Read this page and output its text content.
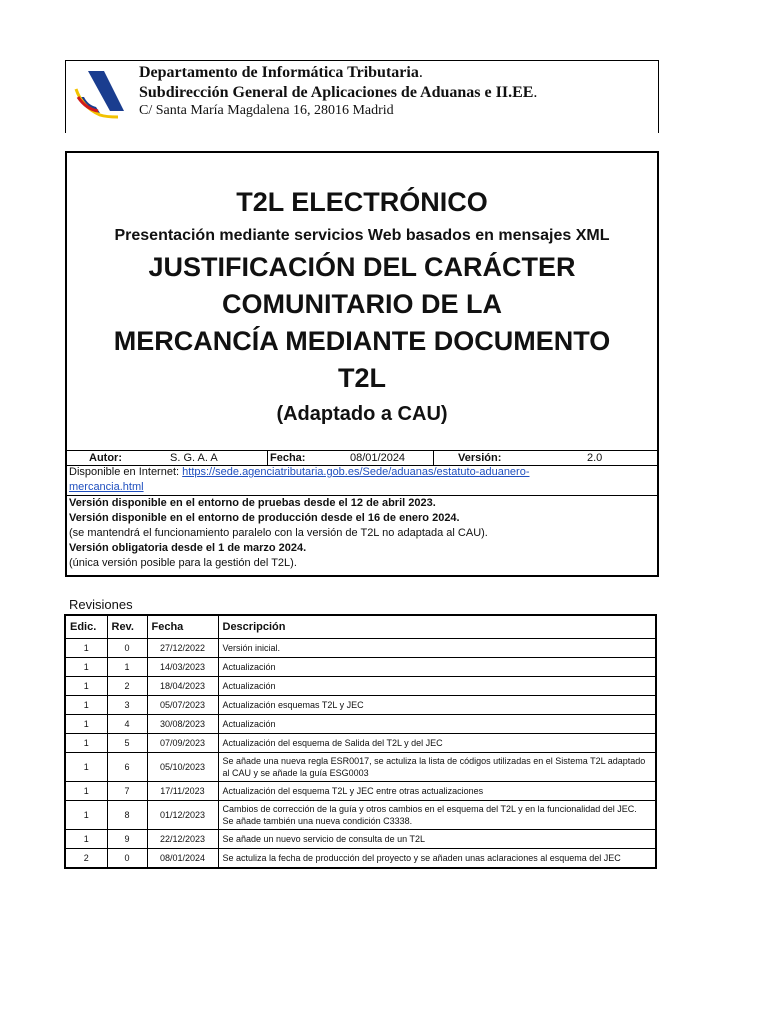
Departamento de Informática Tributaria.
Subdirección General de Aplicaciones de Aduanas e II.EE.
C/ Santa María Magdalena 16, 28016 Madrid
T2L ELECTRÓNICO
Presentación mediante servicios Web basados en mensajes XML
JUSTIFICACIÓN DEL CARÁCTER
COMUNITARIO DE LA
MERCANCÍA MEDIANTE DOCUMENTO
T2L
(Adaptado a CAU)
Autor:	S. G. A. A	Fecha:	08/01/2024	Versión:	2.0
Disponible en Internet: https://sede.agenciatributaria.gob.es/Sede/aduanas/estatuto-aduanero-
mercancia.html
Versión disponible en el entorno de pruebas desde el 12 de abril 2023.
Versión disponible en el entorno de producción desde el 16 de enero 2024.
(se mantendrá el funcionamiento paralelo con la versión de T2L no adaptada al CAU).
Versión obligatoria desde el 1 de marzo 2024.
(única versión posible para la gestión del T2L).
Revisiones
Edic.	Rev.	Fecha	Descripción
1	0	27/12/2022	Versión inicial.
1	1	14/03/2023	Actualización
1	2	18/04/2023	Actualización
1	3	05/07/2023	Actualización esquemas T2L y JEC
1	4	30/08/2023	Actualización
1	5	07/09/2023	Actualización del esquema de Salida del T2L y del JEC
1	6	05/10/2023	Se añade una nueva regla ESR0017, se actuliza la lista de códigos utilizadas en el Sistema T2L adaptado
al CAU y se añade la guía ESG0003

1	7	17/11/2023	Actualización del esquema T2L y JEC entre otras actualizaciones
1	8	01/12/2023	Cambios de corrección de la guía y otros cambios en el esquema del T2L y en la funcionalidad del JEC.
Se añade también una nueva condición C3338.

1	9	22/12/2023	Se añade un nuevo servicio de consulta de un T2L
2	0	08/01/2024	Se actuliza la fecha de producción del proyecto y se añaden unas aclaraciones al esquema del JEC
